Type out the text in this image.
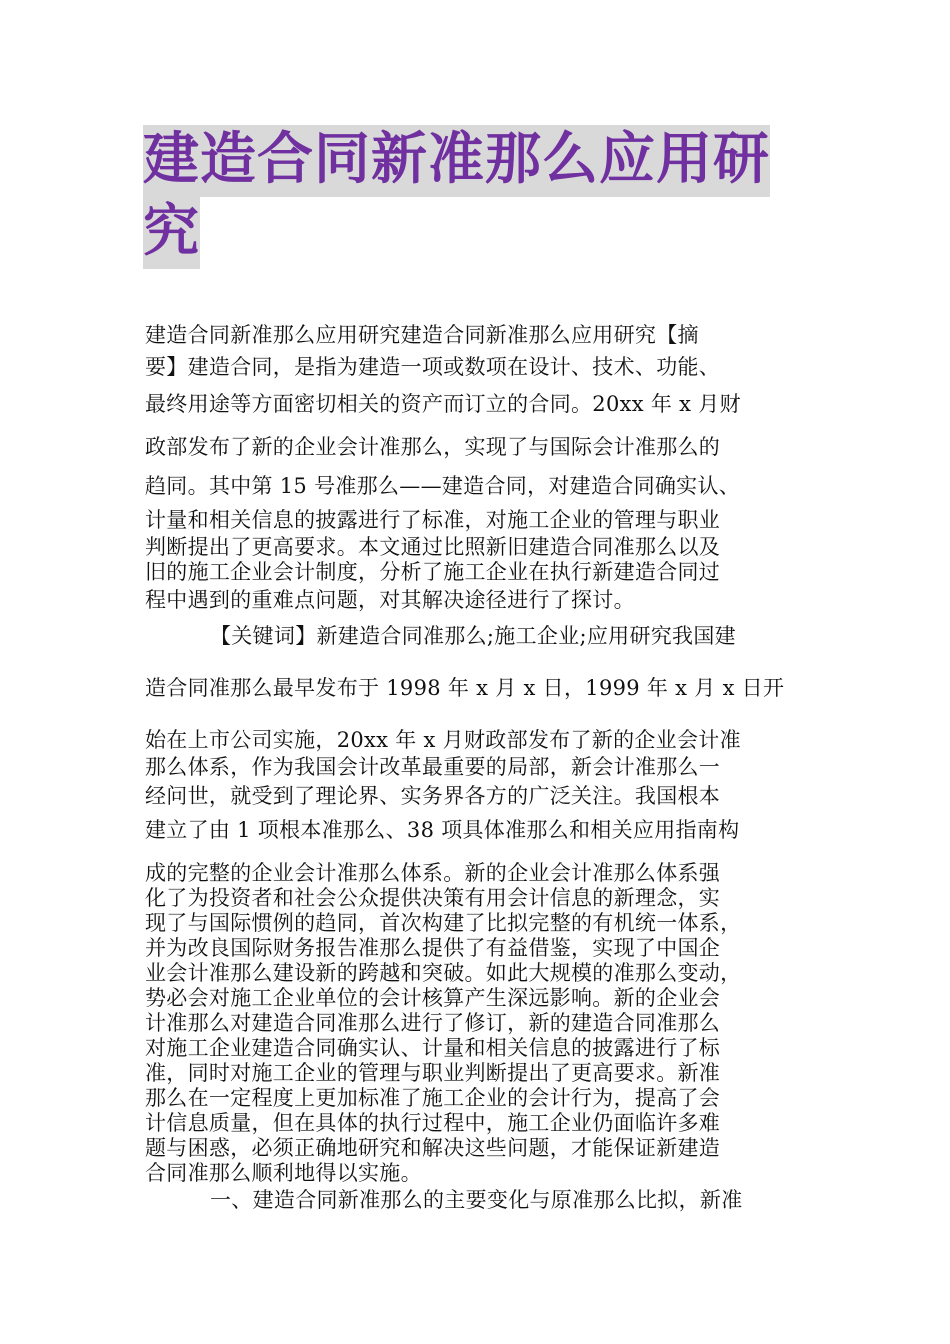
建造合同新准那么应用研
究

建造合同新准那么应用研究建造合同新准那么应用研究【摘

要】建造合同，是指为建造一项或数项在设计、技术、功能、

最终用途等方面密切相关的资产而订立的合同。20xx 年 x 月财

政部发布了新的企业会计准那么，实现了与国际会计准那么的

趋同。其中第 15 号准那么——建造合同，对建造合同确实认、

计量和相关信息的披露进行了标准，对施工企业的管理与职业

判断提出了更高要求。本文通过比照新旧建造合同准那么以及

旧的施工企业会计制度，分析了施工企业在执行新建造合同过

程中遇到的重难点问题，对其解决途径进行了探讨。

【关键词】新建造合同准那么;施工企业;应用研究我国建

造合同准那么最早发布于 1998 年 x 月 x 日，1999 年 x 月 x 日开

始在上市公司实施，20xx 年 x 月财政部发布了新的企业会计准

那么体系，作为我国会计改革最重要的局部，新会计准那么一

经问世，就受到了理论界、实务界各方的广泛关注。我国根本

建立了由 1 项根本准那么、38 项具体准那么和相关应用指南构

成的完整的企业会计准那么体系。新的企业会计准那么体系强

化了为投资者和社会公众提供决策有用会计信息的新理念，实

现了与国际惯例的趋同，首次构建了比拟完整的有机统一体系，

并为改良国际财务报告准那么提供了有益借鉴，实现了中国企

业会计准那么建设新的跨越和突破。如此大规模的准那么变动，

势必会对施工企业单位的会计核算产生深远影响。新的企业会

计准那么对建造合同准那么进行了修订，新的建造合同准那么

对施工企业建造合同确实认、计量和相关信息的披露进行了标

准，同时对施工企业的管理与职业判断提出了更高要求。新准

那么在一定程度上更加标准了施工企业的会计行为，提高了会

计信息质量，但在具体的执行过程中，施工企业仍面临许多难

题与困惑，必须正确地研究和解决这些问题，才能保证新建造

合同准那么顺利地得以实施。

一、建造合同新准那么的主要变化与原准那么比拟，新准
